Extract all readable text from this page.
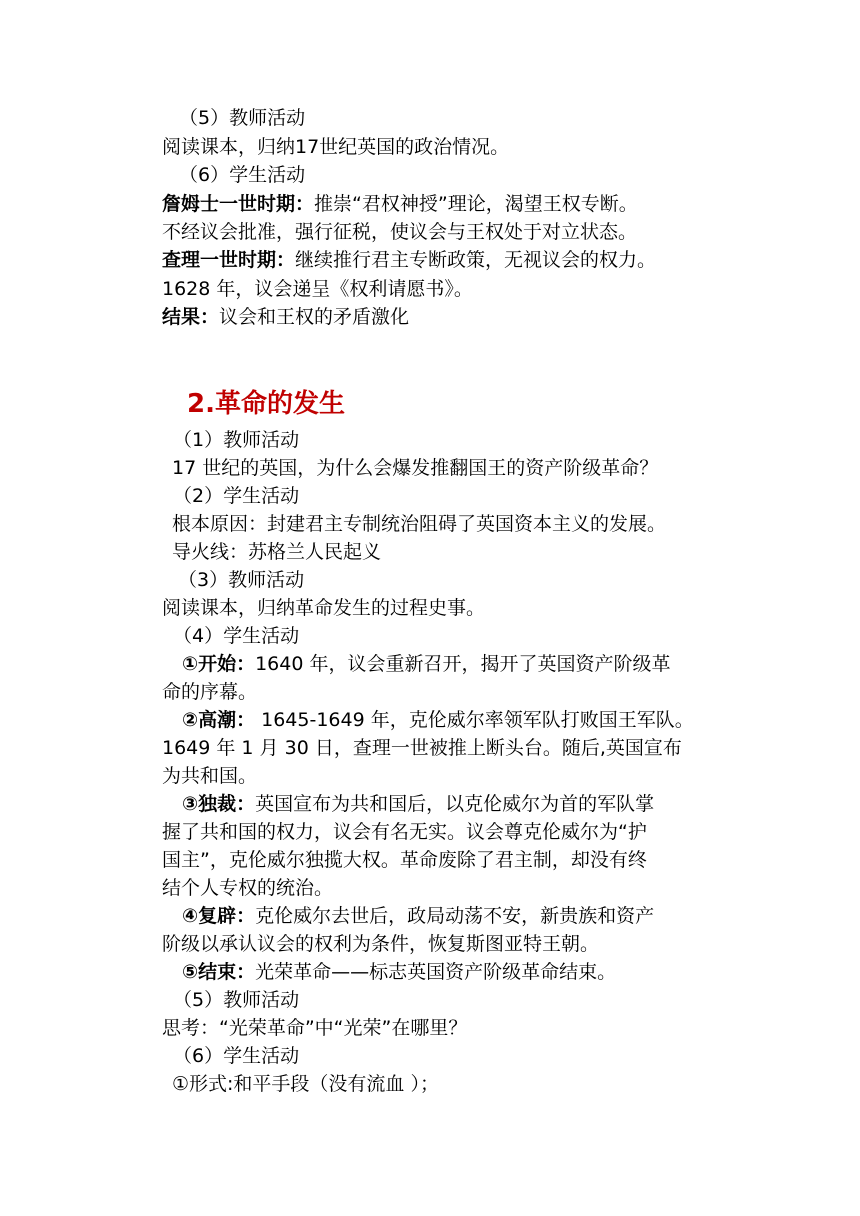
（5）教师活动
阅读课本，归纳17世纪英国的政治情况。
（6）学生活动
詹姆士一世时期：推崇“君权神授”理论，渴望王权专断。
不经议会批准，强行征税，使议会与王权处于对立状态。
查理一世时期：继续推行君主专断政策，无视议会的权力。
1628 年，议会递呈《权利请愿书》。
结果：议会和王权的矛盾激化
2.革命的发生
（1）教师活动
17 世纪的英国，为什么会爆发推翻国王的资产阶级革命？
（2）学生活动
根本原因：封建君主专制统治阻碍了英国资本主义的发展。
导火线：苏格兰人民起义
（3）教师活动
阅读课本，归纳革命发生的过程史事。
（4）学生活动
①开始：1640 年，议会重新召开，揭开了英国资产阶级革
命的序幕。
②高潮： 1645-1649 年，克伦威尔率领军队打败国王军队。
1649 年 1 月 30 日，查理一世被推上断头台。随后,英国宣布
为共和国。
③独裁：英国宣布为共和国后，以克伦威尔为首的军队掌
握了共和国的权力，议会有名无实。议会尊克伦威尔为“护
国主”，克伦威尔独揽大权。革命废除了君主制，却没有终
结个人专权的统治。
④复辟：克伦威尔去世后，政局动荡不安，新贵族和资产
阶级以承认议会的权利为条件，恢复斯图亚特王朝。
⑤结束：光荣革命——标志英国资产阶级革命结束。
（5）教师活动
思考：“光荣革命”中“光荣”在哪里？
（6）学生活动
①形式:和平手段（没有流血 ）；
